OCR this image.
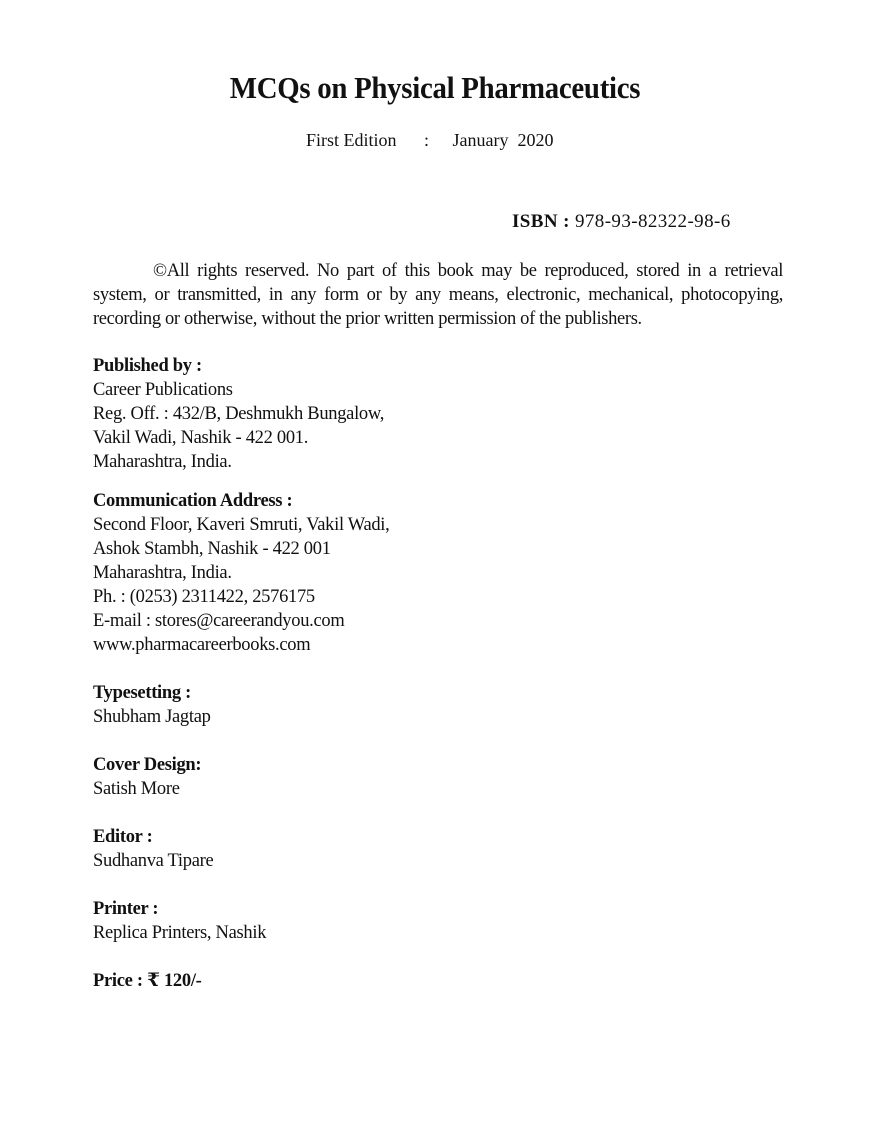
MCQs on Physical Pharmaceutics
First Edition : January  2020
ISBN : 978-93-82322-98-6
©All rights reserved. No part of this book may be reproduced, stored in a retrieval system, or transmitted, in any form or by any means, electronic, mechanical, photocopying, recording or otherwise, without the prior written permission of the publishers.
Published by :
Career Publications
Reg. Off. : 432/B, Deshmukh Bungalow,
Vakil Wadi, Nashik - 422 001.
Maharashtra, India.
Communication Address :
Second Floor, Kaveri Smruti, Vakil Wadi,
Ashok Stambh, Nashik - 422 001
Maharashtra, India.
Ph. : (0253) 2311422, 2576175
E-mail : stores@careerandyou.com
www.pharmacareerbooks.com
Typesetting :
Shubham Jagtap
Cover Design:
Satish More
Editor :
Sudhanva Tipare
Printer :
Replica Printers, Nashik
Price : ₹ 120/-
